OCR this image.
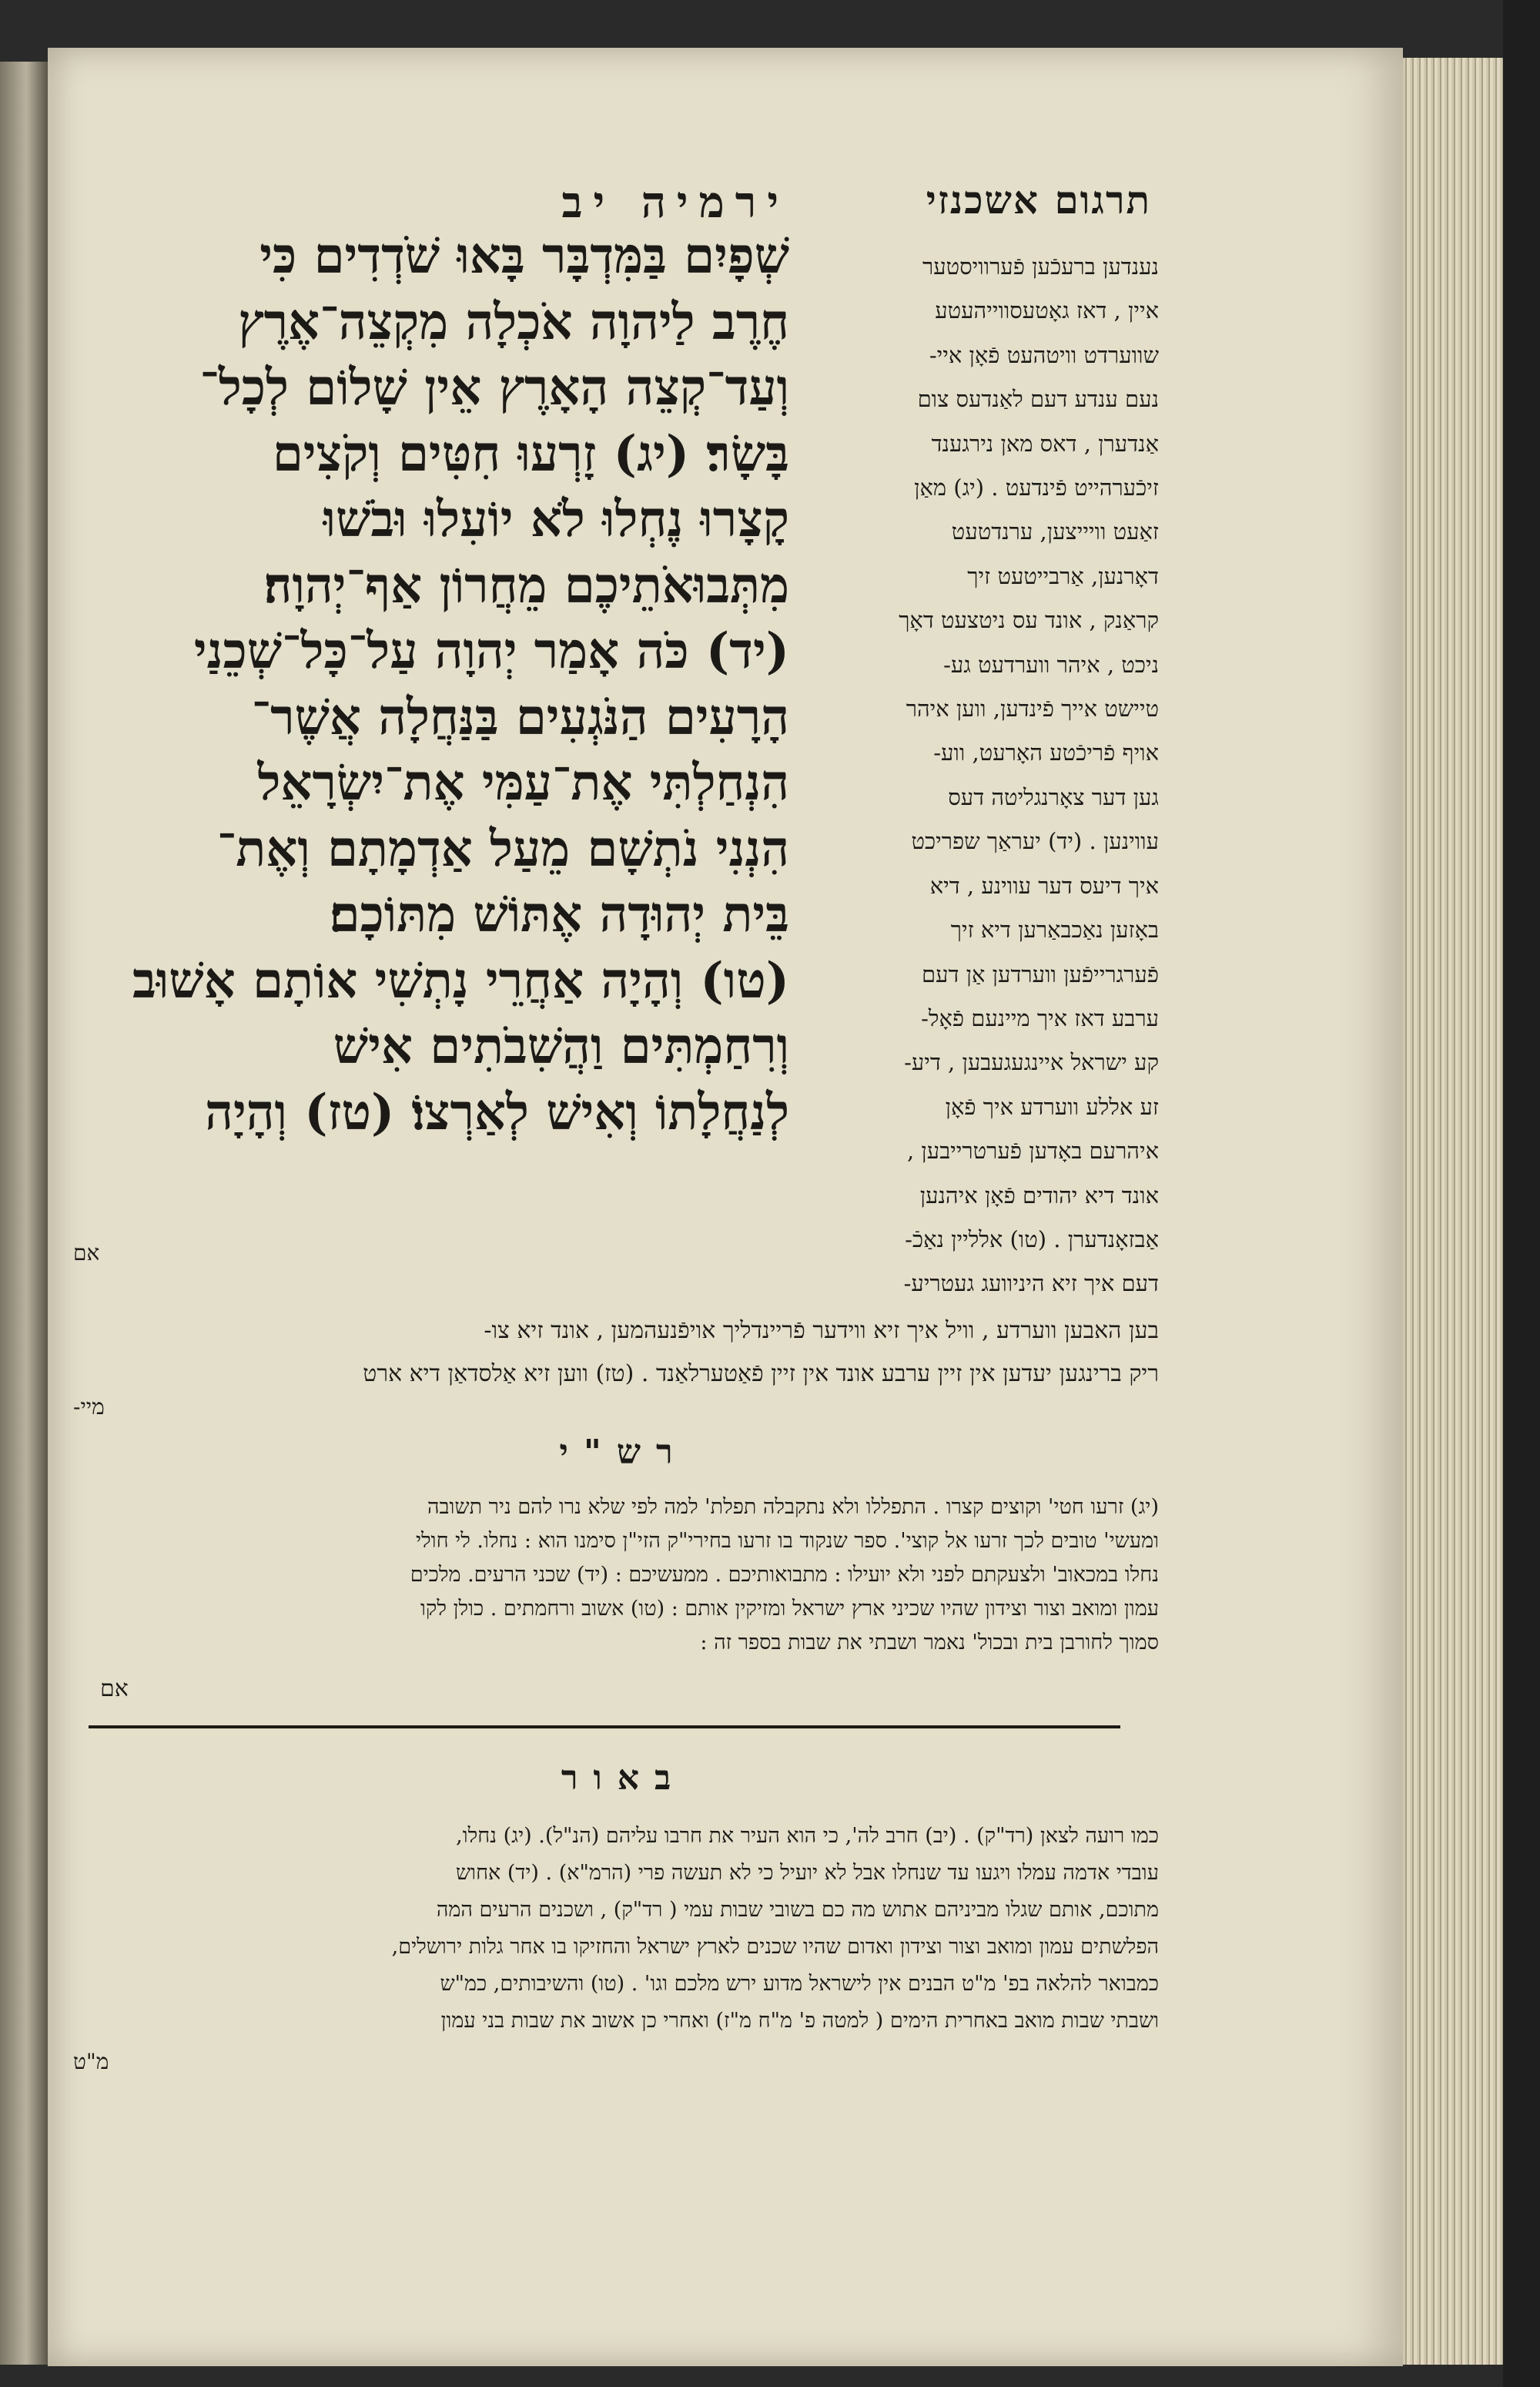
תרגום אשכנזי
ירמיה יב
נענדען ברעכֿען פֿערוויסטער
איין , דאז גאָטעסווייהעטע
שווערדט וויטהעט פֿאָן איי-
נעם ענדע דעם לאַנדעס צום
אַנדערן , דאס מאן נירגענד
זיכֿערהייט פֿינדעט . (יג) מאַן
זאַעט וויייצען, ערנדטעט
דאָרנען, אַרבייטעט זיך
קראַנק , אונד עס ניטצעט דאָך
ניכט , איהר ווערדעט גע-
טיישט אייך פֿינדען, ווען איהר
אויף פֿריכֿטע האָרעט, ווע-
גען דער צאָרנגליטה דעס
עווינען . (יד) יעראַך שפריכט
איך דיעס דער עווינע , דיא
באָזען נאַכבאַרען דיא זיך
פֿערגרייפֿען ווערדען אַן דעם
ערבע דאז איך מיינעם פֿאָל-
קע ישראל איינגעגעבען , דיע-
זע אללע ווערדע איך פֿאָן
איהרעם באָדען פֿערטרייבען ,
אונד דיא יהודים פֿאָן איהנען
אַבזאָנדערן . (טו) אלליין נאַכֿ-
דעם איך זיא היניוועג געטריע-
שְׁפָיִם בַּמִּדְבָּר בָּאוּ שֹׁדְדִים כִּי
חֶרֶב לַיהוָה אֹכְלָה מִקְצֵה־אֶרֶץ
וְעַד־קְצֵה הָאָרֶץ אֵין שָׁלוֹם לְכָל־
בָּשָׂר׃ (יג) זָרְעוּ חִטִּים וְקֹצִים
קָצָרוּ נֶחְלוּ לֹא יוֹעִלוּ וּבֹשׁוּ
מִתְּבוּאֹתֵיכֶם מֵחֲרוֹן אַף־יְהוָה׃
(יד) כֹּה אָמַר יְהוָה עַל־כָּל־שְׁכֵנַי
הָרָעִים הַנֹּגְעִים בַּנַּחֲלָה אֲשֶׁר־
הִנְחַלְתִּי אֶת־עַמִּי אֶת־יִשְׂרָאֵל
הִנְנִי נֹתְשָׁם מֵעַל אַדְמָתָם וְאֶת־
בֵּית יְהוּדָה אֶתּוֹשׁ מִתּוֹכָם׃
(טו) וְהָיָה אַחֲרֵי נָתְשִׁי אוֹתָם אָשׁוּב
וְרִחַמְתִּים וַהֲשִׁבֹתִים אִישׁ
לְנַחֲלָתוֹ וְאִישׁ לְאַרְצוֹ׃ (טז) וְהָיָה
אם
בען האבען ווערדע , וויל איך זיא ווידער פֿריינדליך אויפֿנעהמען , אונד זיא צו-
ריק ברינגען יעדען אין זיין ערבע אונד אין זיין פֿאַטערלאַנד . (טז) ווען זיא אַלסדאַן דיא ארט
מיי-
רש"י
(יג) זרעו חטי' וקוצים קצרו . התפללו ולא נתקבלה תפלת' למה לפי שלא נרו להם ניר תשובה
ומעשי' טובים לכך זרעו אל קוצי'. ספר שנקוד בו זרעו בחירי"ק הזי"ן סימנו הוא : נחלו. לי חולי
נחלו במכאוב' ולצעקתם לפני ולא יועילו : מתבואותיכם . ממעשיכם : (יד) שכני הרעים. מלכים
עמון ומואב וצור וצידון שהיו שכיני ארץ ישראל ומזיקין אותם : (טו) אשוב ורחמתים . כולן לקו
סמוך לחורבן בית ובכול' נאמר ושבתי את שבות בספר זה :
אם
באור
כמו רועה לצאן (רד"ק) . (יב) חרב לה', כי הוא העיר את חרבו עליהם (הנ"ל). (יג) נחלו,
עובדי אדמה עמלו ויגעו עד שנחלו אבל לא יועיל כי לא תעשה פרי (הרמ"א) . (יד) אחוש
מתוכם, אותם שגלו מביניהם אתוש מה כם בשובי שבות עמי ( רד"ק) , ושכנים הרעים המה
הפלשתים עמון ומואב וצור וצידון ואדום שהיו שכנים לארץ ישראל והחזיקו בו אחר גלות ירושלים,
כמבואר להלאה בפ' מ"ט הבנים אין לישראל מדוע ירש מלכם וגו' . (טו) והשיבותים, כמ"ש
ושבתי שבות מואב באחרית הימים ( למטה פ' מ"ח מ"ז) ואחרי כן אשוב את שבות בני עמון
מ"ט
